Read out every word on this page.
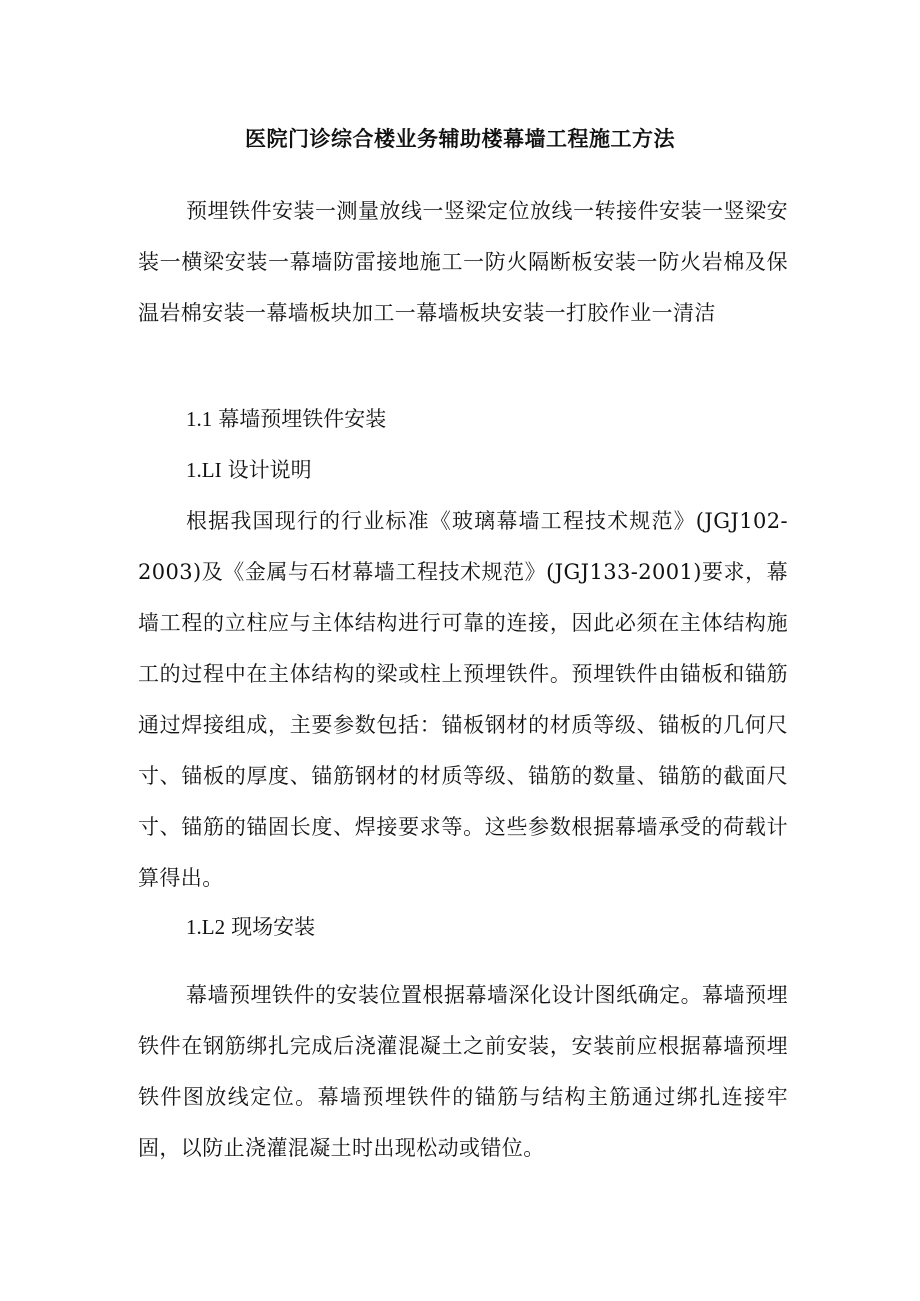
医院门诊综合楼业务辅助楼幕墙工程施工方法
预埋铁件安装一测量放线一竖梁定位放线一转接件安装一竖梁安装一横梁安装一幕墙防雷接地施工一防火隔断板安装一防火岩棉及保温岩棉安装一幕墙板块加工一幕墙板块安装一打胶作业一清洁
1.1 幕墙预埋铁件安装
1.LI 设计说明
根据我国现行的行业标准《玻璃幕墙工程技术规范》(JGJ102-2003)及《金属与石材幕墙工程技术规范》(JGJ133-2001)要求，幕墙工程的立柱应与主体结构进行可靠的连接，因此必须在主体结构施工的过程中在主体结构的梁或柱上预埋铁件。预埋铁件由锚板和锚筋通过焊接组成，主要参数包括：锚板钢材的材质等级、锚板的几何尺寸、锚板的厚度、锚筋钢材的材质等级、锚筋的数量、锚筋的截面尺寸、锚筋的锚固长度、焊接要求等。这些参数根据幕墙承受的荷载计算得出。
1.L2 现场安装
幕墙预埋铁件的安装位置根据幕墙深化设计图纸确定。幕墙预埋铁件在钢筋绑扎完成后浇灌混凝土之前安装，安装前应根据幕墙预埋铁件图放线定位。幕墙预埋铁件的锚筋与结构主筋通过绑扎连接牢固，以防止浇灌混凝土时出现松动或错位。
